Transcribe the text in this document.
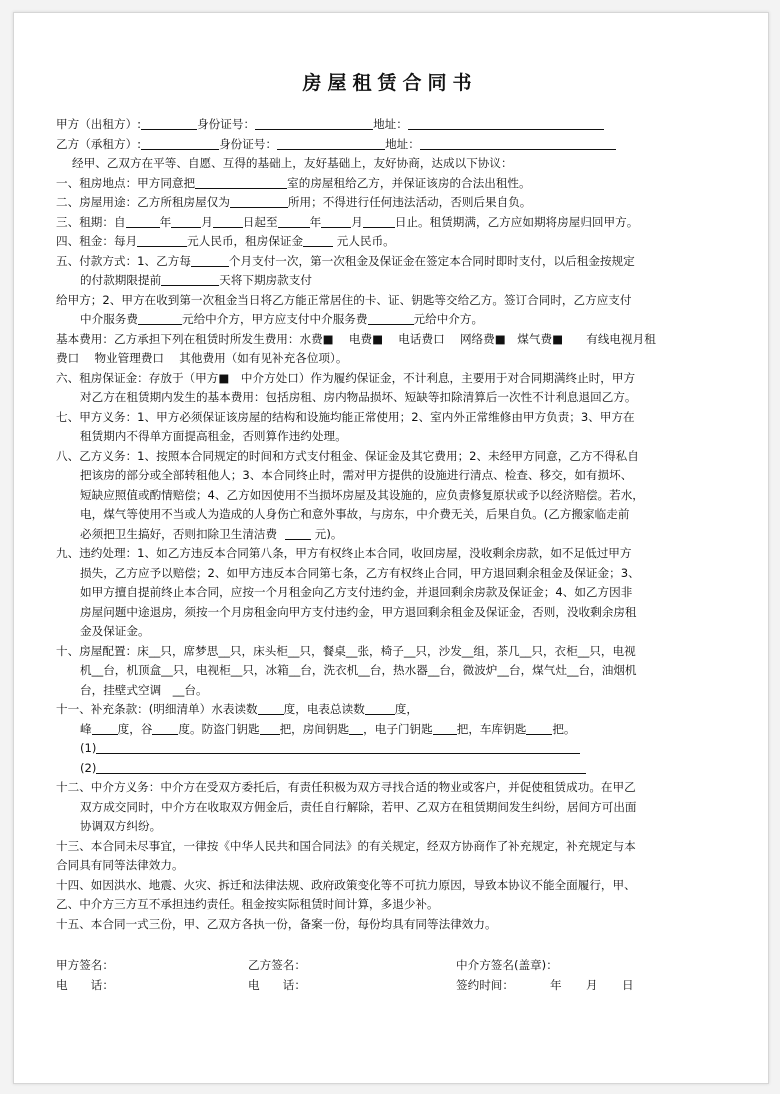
房屋租赁合同书
甲方（出租方）:	身份证号：	地址：
乙方（承租方）:	身份证号：	地址：
经甲、乙双方在平等、自愿、互得的基础上，友好基础上，友好协商，达成以下协议：
一、租房地点：甲方同意把	室的房屋租给乙方，并保证该房的合法出租性。
二、房屋用途：乙方所租房屋仅为	所用；不得进行任何违法活动，否则后果自负。
三、租期：自	年	月	日起至	年	月	日止。租赁期满，乙方应如期将房屋归回甲方。
四、租金：每月	元人民币，租房保证金	元人民币。
五、付款方式：1、乙方每	个月支付一次，第一次租金及保证金在签定本合同时即时支付，以后租金按规定
的付款期限提前	天将下期房款支付
给甲方；2、甲方在收到第一次租金当日将乙方能正常居住的卡、证、钥匙等交给乙方。签订合同时，乙方应支付
中介服务费	元给中介方，甲方应支付中介服务费	元给中介方。
基本费用：乙方承担下列在租赁时所发生费用：水费■　 电费■　 电话费口　 网络费■　煤气费■　　有线电视月租
费口　 物业管理费口　 其他费用（如有见补充各位项）。
六、租房保证金：存放于（甲方■　中介方处口）作为履约保证金，不计利息，主要用于对合同期满终止时，甲方
对乙方在租赁期内发生的基本费用：包括房租、房内物品损坏、短缺等扣除清算后一次性不计利息退回乙方。
七、甲方义务：1、甲方必须保证该房屋的结构和设施均能正常使用；2、室内外正常维修由甲方负责；3、甲方在
租赁期内不得单方面提高租金，否则算作违约处理。
八、乙方义务：1、按照本合同规定的时间和方式支付租金、保证金及其它费用；2、未经甲方同意，乙方不得私自
把该房的部分或全部转租他人；3、本合同终止时，需对甲方提供的设施进行清点、检查、移交，如有损坏、
短缺应照值或酌情赔偿；4、乙方如因使用不当损坏房屋及其设施的，应负责修复原状或予以经济赔偿。若水，
电，煤气等使用不当或人为造成的人身伤亡和意外事故，与房东，中介费无关，后果自负。(乙方搬家临走前
必须把卫生搞好，否则扣除卫生清洁费	元)。
九、违约处理：1、如乙方违反本合同第八条，甲方有权终止本合同，收回房屋，没收剩余房款，如不足低过甲方
损失，乙方应予以赔偿；2、如甲方违反本合同第七条，乙方有权终止合同，甲方退回剩余租金及保证金；3、
如甲方擅自提前终止本合同，应按一个月租金向乙方支付违约金，并退回剩余房款及保证金；4、如乙方因非
房屋问题中途退房，须按一个月房租金向甲方支付违约金，甲方退回剩余租金及保证金，否则，没收剩余房租
金及保证金。
十、房屋配置：床__只，席梦思__只，床头柜__只，餐桌__张，椅子__只，沙发__组，茶几__只，衣柜__只，电视
机__台，机顶盒__只，电视柜__只，冰箱__台，洗衣机__台，热水器__台，微波炉__台，煤气灶__台，油烟机
台，挂壁式空调　__台。
十一、补充条款：(明细清单）水表读数 度，电表总读数	度，
峰 度，谷 度。防盗门钥匙 把，房间钥匙 ，电子门钥匙 把，车库钥匙 把。
(1)
(2)
十二、中介方义务：中介方在受双方委托后，有责任积极为双方寻找合适的物业或客户，并促使租赁成功。在甲乙
双方成交同时，中介方在收取双方佣金后，责任自行解除，若甲、乙双方在租赁期间发生纠纷，居间方可出面
协调双方纠纷。
十三、本合同未尽事宜，一律按《中华人民共和国合同法》的有关规定，经双方协商作了补充规定，补充规定与本
合同具有同等法律效力。
十四、如因洪水、地震、火灾、拆迁和法律法规、政府政策变化等不可抗力原因，导致本协议不能全面履行，甲、
乙、中介方三方互不承担违约责任。租金按实际租赁时间计算，多退少补。
十五、本合同一式三份，甲、乙双方各执一份，备案一份，每份均具有同等法律效力。
甲方签名：	乙方签名：	中介方签名(盖章)：
电　　话：	电　　话：	签约时间：	年 月 日
